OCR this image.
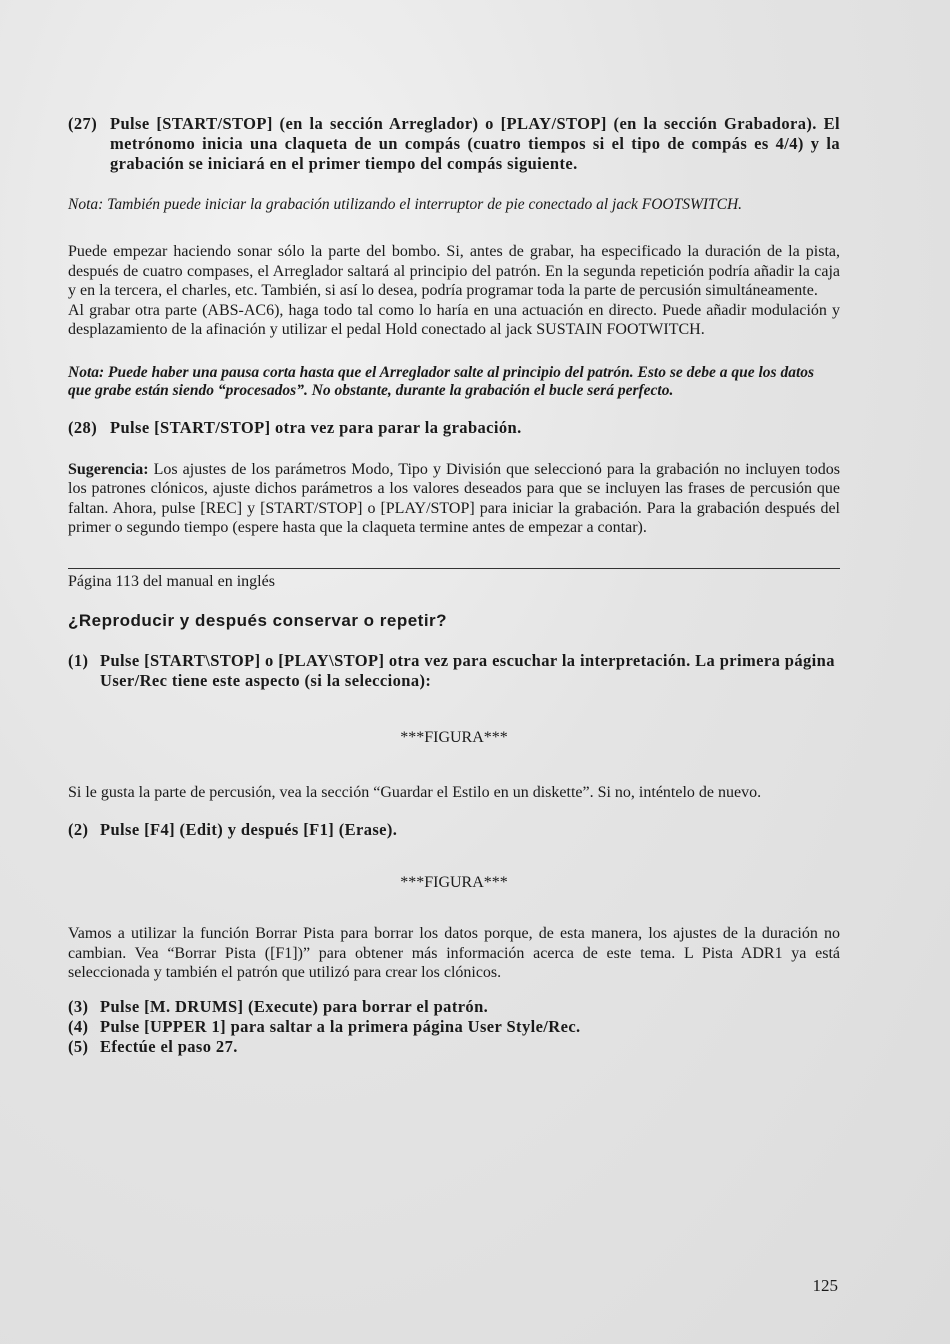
(27) Pulse [START/STOP] (en la sección Arreglador) o [PLAY/STOP] (en la sección Grabadora). El metrónomo inicia una claqueta de un compás (cuatro tiempos si el tipo de compás es 4/4) y la grabación se iniciará en el primer tiempo del compás siguiente.
Nota: También puede iniciar la grabación utilizando el interruptor de pie conectado al jack FOOTSWITCH.

Puede empezar haciendo sonar sólo la parte del bombo. Si, antes de grabar, ha especificado la duración de la pista, después de cuatro compases, el Arreglador saltará al principio del patrón. En la segunda repetición podría añadir la caja y en la tercera, el charles, etc. También, si así lo desea, podría programar toda la parte de percusión simultáneamente.

Al grabar otra parte (ABS-AC6), haga todo tal como lo haría en una actuación en directo. Puede añadir modulación y desplazamiento de la afinación y utilizar el pedal Hold conectado al jack SUSTAIN FOOTWITCH.

Nota: Puede haber una pausa corta hasta que el Arreglador salte al principio del patrón. Esto se debe a que los datos que grabe están siendo “procesados”. No obstante, durante la grabación el bucle será perfecto.
(28) Pulse [START/STOP] otra vez para parar la grabación.
Sugerencia: Los ajustes de los parámetros Modo, Tipo y División que seleccionó para la grabación no incluyen todos los patrones clónicos, ajuste dichos parámetros a los valores deseados para que se incluyen las frases de percusión que faltan. Ahora, pulse [REC] y [START/STOP] o [PLAY/STOP] para iniciar la grabación. Para la grabación después del primer o segundo tiempo (espere hasta que la claqueta termine antes de empezar a contar).
Página 113 del manual en inglés
¿Reproducir y después conservar o repetir?
(1) Pulse [START\STOP] o [PLAY\STOP] otra vez para escuchar la interpretación. La primera página User/Rec tiene este aspecto (si la selecciona):
***FIGURA***
Si le gusta la parte de percusión, vea la sección “Guardar el Estilo en un diskette”. Si no, inténtelo de nuevo.
(2) Pulse [F4] (Edit) y después [F1] (Erase).
***FIGURA***
Vamos a utilizar la función Borrar Pista para borrar los datos porque, de esta manera, los ajustes de la duración no cambian. Vea “Borrar Pista ([F1])” para obtener más información acerca de este tema. L Pista ADR1 ya está seleccionada y también el patrón que utilizó para crear los clónicos.
(3) Pulse [M. DRUMS] (Execute) para borrar el patrón.
(4) Pulse [UPPER 1] para saltar a la primera página User Style/Rec.
(5) Efectúe el paso 27.
125
